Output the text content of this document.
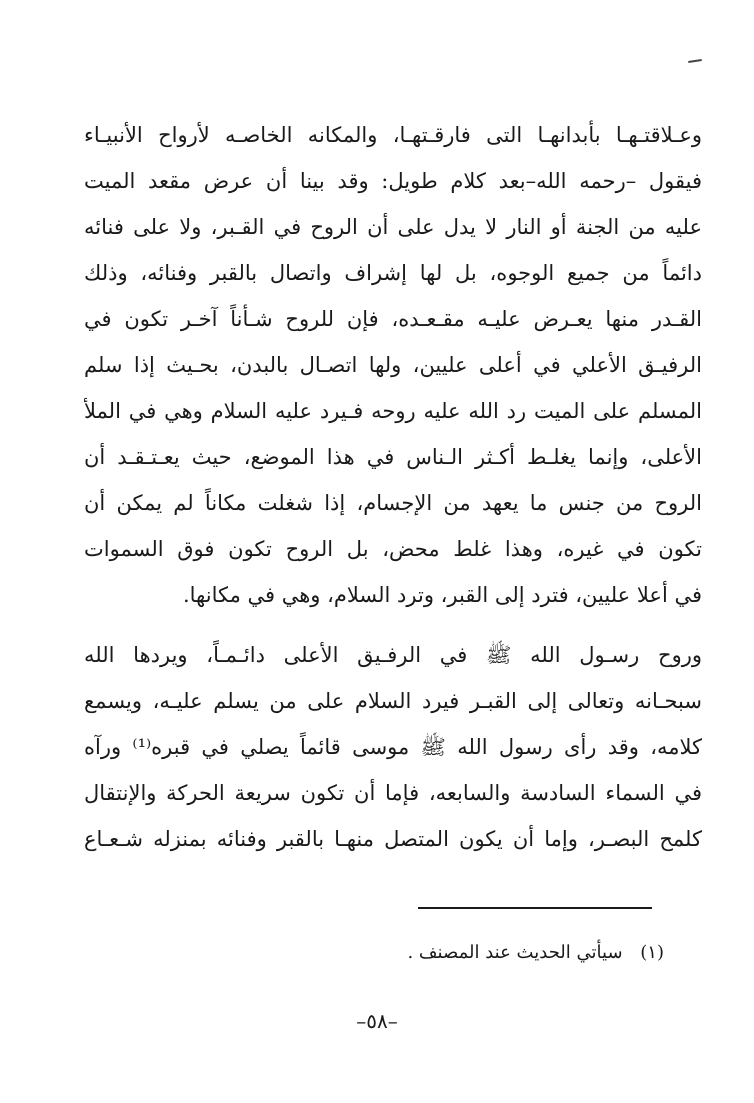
وعـلاقتـهـا بأبدانهـا التى فارقـتهـا، والمكانه الخاصـه لأرواح الأنبيـاء
فيقول –رحمه الله–بعد كلام طويل: وقد بينا أن عرض مقعد الميت
عليه من الجنة أو النار لا يدل على أن الروح في القـبر، ولا على فنائه
دائماً من جميع الوجوه، بل لها إشراف واتصال بالقبر وفنائه، وذلك
القـدر منها يعـرض عليـه مقـعـده، فإن للروح شـأناً آخـر تكون في
الرفيـق الأعلي في أعلى عليين، ولها اتصـال بالبدن، بحـيث إذا سلم
المسلم على الميت رد الله عليه روحه فـيرد عليه السلام وهي في الملأ
الأعلى، وإنما يغلـط أكـثر الـناس في هذا الموضع، حيث يعـتـقـد أن
الروح من جنس ما يعهد من الإجسام، إذا شغلت مكاناً لم يمكن أن
تكون في غيره، وهذا غلط محض، بل الروح تكون فوق السموات
في أعلا عليين، فترد إلى القبر، وترد السلام، وهي في مكانها.
وروح رسـول الله ﷺ في الرفـيق الأعلى دائـمـاً، ويردها الله
سبحـانه وتعالى إلى القبـر فيرد السلام على من يسلم عليـه، ويسمع
كلامه، وقد رأى رسول الله ﷺ موسى قائماً يصلي في قبره⁽¹⁾ ورآه
في السماء السادسة والسابعه، فإما أن تكون سريعة الحركة والإنتقال
كلمح البصـر، وإما أن يكون المتصل منهـا بالقبر وفنائه بمنزله شـعـاع
(١) سيأتي الحديث عند المصنف .
–٥٨–
